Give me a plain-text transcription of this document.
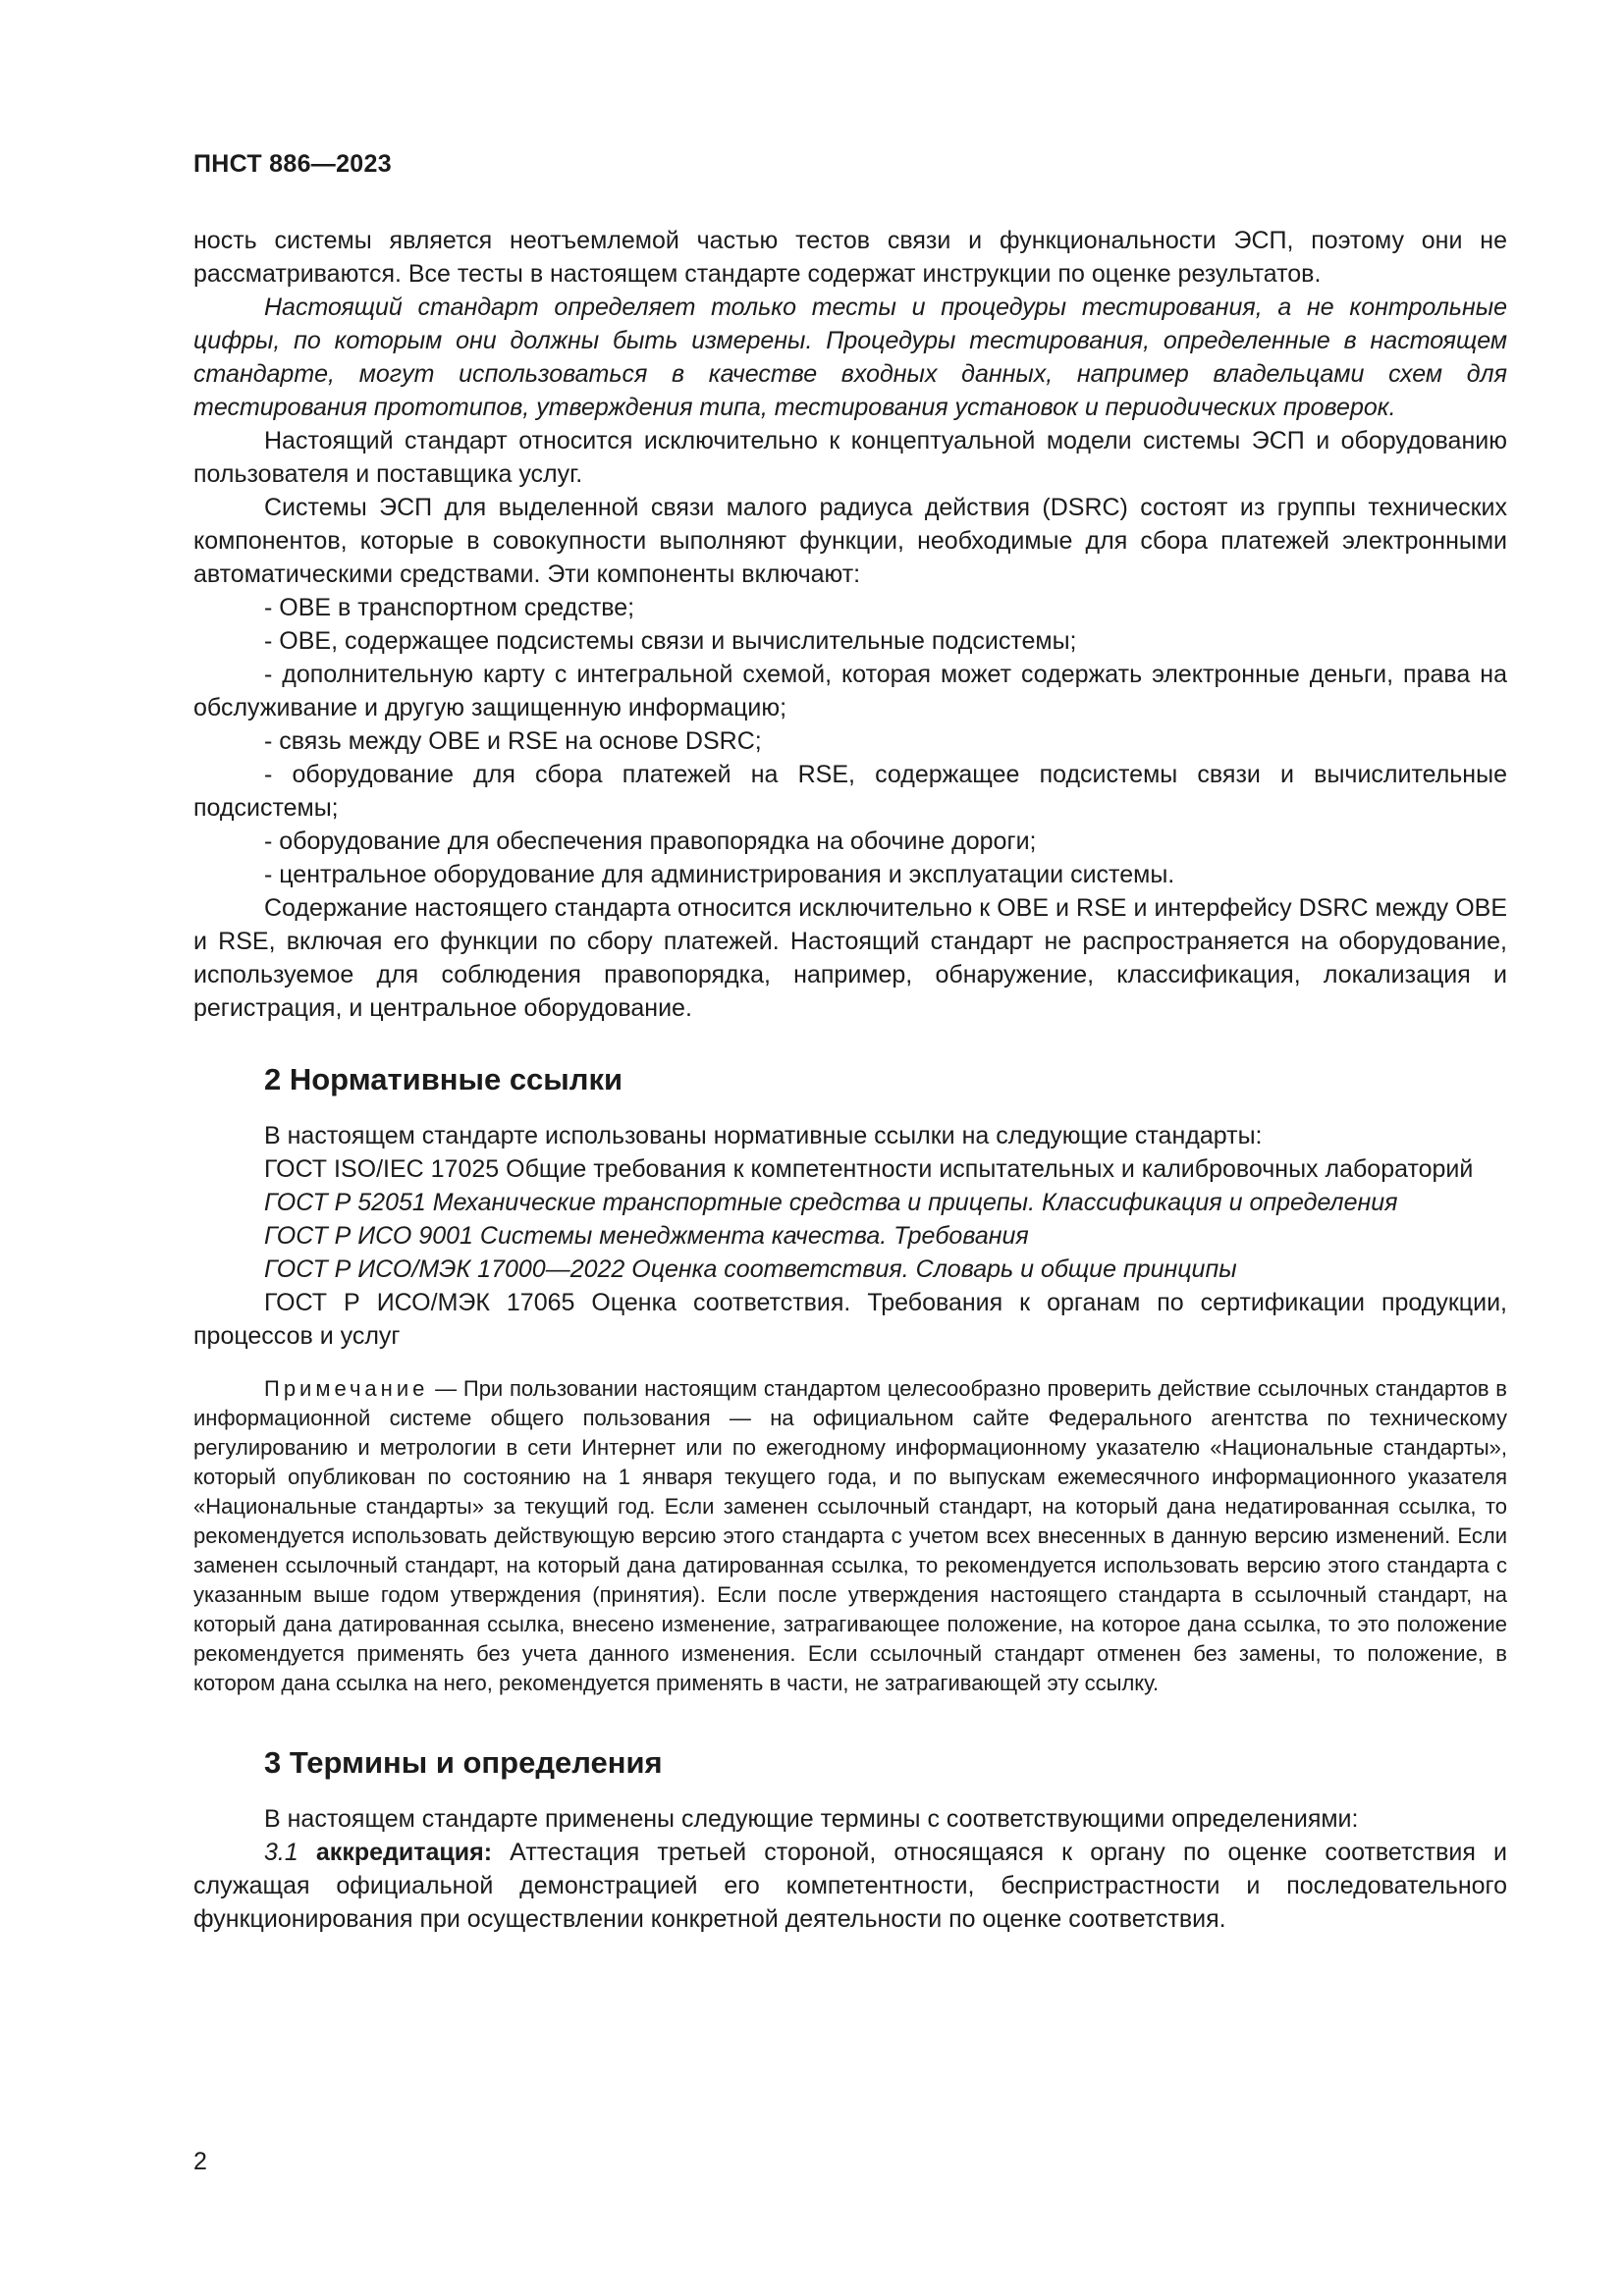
ПНСТ 886—2023

ность системы является неотъемлемой частью тестов связи и функциональности ЭСП, поэтому они не рассматриваются. Все тесты в настоящем стандарте содержат инструкции по оценке результатов.

Настоящий стандарт определяет только тесты и процедуры тестирования, а не контрольные цифры, по которым они должны быть измерены. Процедуры тестирования, определенные в настоящем стандарте, могут использоваться в качестве входных данных, например владельцами схем для тестирования прототипов, утверждения типа, тестирования установок и периодических проверок.

Настоящий стандарт относится исключительно к концептуальной модели системы ЭСП и оборудованию пользователя и поставщика услуг.

Системы ЭСП для выделенной связи малого радиуса действия (DSRC) состоят из группы технических компонентов, которые в совокупности выполняют функции, необходимые для сбора платежей электронными автоматическими средствами. Эти компоненты включают:

- OBE в транспортном средстве;

- OBE, содержащее подсистемы связи и вычислительные подсистемы;

- дополнительную карту с интегральной схемой, которая может содержать электронные деньги, права на обслуживание и другую защищенную информацию;

- связь между OBE и RSE на основе DSRC;

- оборудование для сбора платежей на RSE, содержащее подсистемы связи и вычислительные подсистемы;

- оборудование для обеспечения правопорядка на обочине дороги;

- центральное оборудование для администрирования и эксплуатации системы.

Содержание настоящего стандарта относится исключительно к OBE и RSE и интерфейсу DSRC между OBE и RSE, включая его функции по сбору платежей. Настоящий стандарт не распространяется на оборудование, используемое для соблюдения правопорядка, например, обнаружение, классификация, локализация и регистрация, и центральное оборудование.

2 Нормативные ссылки

В настоящем стандарте использованы нормативные ссылки на следующие стандарты:

ГОСТ ISO/IEC 17025 Общие требования к компетентности испытательных и калибровочных лабораторий

ГОСТ Р 52051 Механические транспортные средства и прицепы. Классификация и определения

ГОСТ Р ИСО 9001 Системы менеджмента качества. Требования

ГОСТ Р ИСО/МЭК 17000—2022 Оценка соответствия. Словарь и общие принципы

ГОСТ Р ИСО/МЭК 17065 Оценка соответствия. Требования к органам по сертификации продукции, процессов и услуг

Примечание — При пользовании настоящим стандартом целесообразно проверить действие ссылочных стандартов в информационной системе общего пользования — на официальном сайте Федерального агентства по техническому регулированию и метрологии в сети Интернет или по ежегодному информационному указателю «Национальные стандарты», который опубликован по состоянию на 1 января текущего года, и по выпускам ежемесячного информационного указателя «Национальные стандарты» за текущий год. Если заменен ссылочный стандарт, на который дана недатированная ссылка, то рекомендуется использовать действующую версию этого стандарта с учетом всех внесенных в данную версию изменений. Если заменен ссылочный стандарт, на который дана датированная ссылка, то рекомендуется использовать версию этого стандарта с указанным выше годом утверждения (принятия). Если после утверждения настоящего стандарта в ссылочный стандарт, на который дана датированная ссылка, внесено изменение, затрагивающее положение, на которое дана ссылка, то это положение рекомендуется применять без учета данного изменения. Если ссылочный стандарт отменен без замены, то положение, в котором дана ссылка на него, рекомендуется применять в части, не затрагивающей эту ссылку.
3 Термины и определения

В настоящем стандарте применены следующие термины с соответствующими определениями:

3.1 аккредитация: Аттестация третьей стороной, относящаяся к органу по оценке соответствия и служащая официальной демонстрацией его компетентности, беспристрастности и последовательного функционирования при осуществлении конкретной деятельности по оценке соответствия.

2
